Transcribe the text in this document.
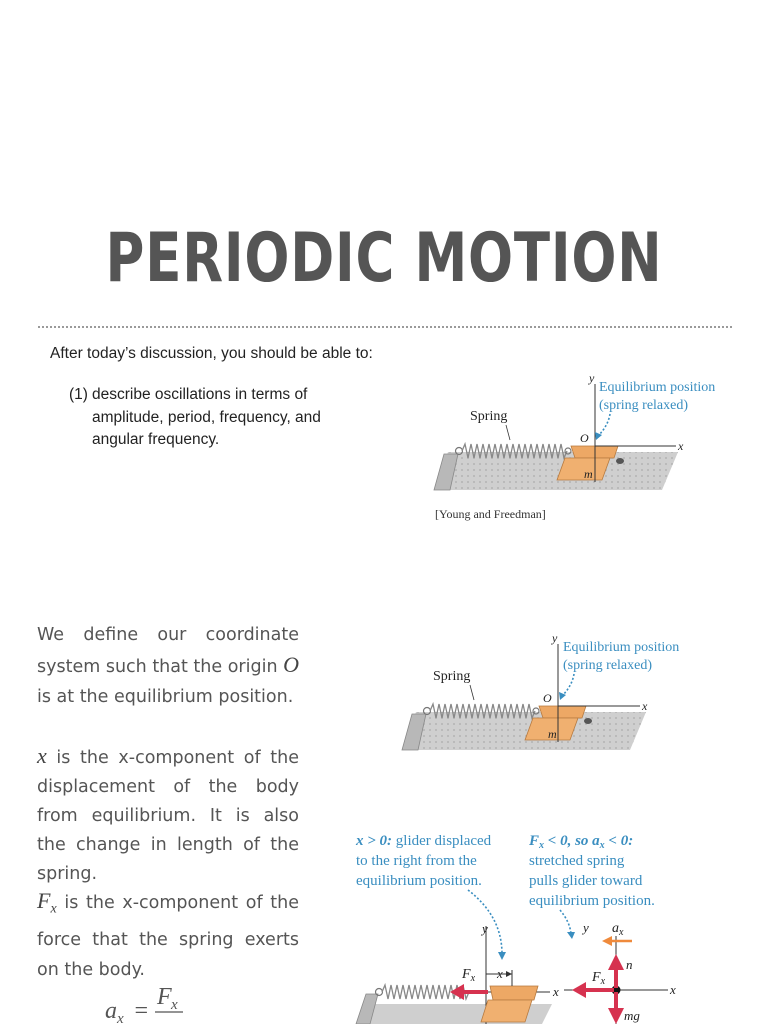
PERIODIC MOTION
After today’s discussion, you should be able to:
(1) describe oscillations in terms of amplitude, period, frequency, and angular frequency.
y
x
O
m
Spring
Equilibrium position
(spring relaxed)
[Young and Freedman]
We define our coordinate system such that the origin O is at the equilibrium position.
x is the x-component of the displacement of the body from equilibrium. It is also the change in length of the spring.
$F_x$ is the x-component of the force that the spring exerts on the body.
a x =
F x
y
x
O
m
Spring
Equilibrium position
(spring relaxed)
x > 0: glider displaced
to the right from the
equilibrium position.
$F_x < 0$, so $a_x < 0$:
stretched spring
pulls glider toward
equilibrium position.
y
x
x
$F_x$
y
x
$a_x$
n
mg
$F_x$
